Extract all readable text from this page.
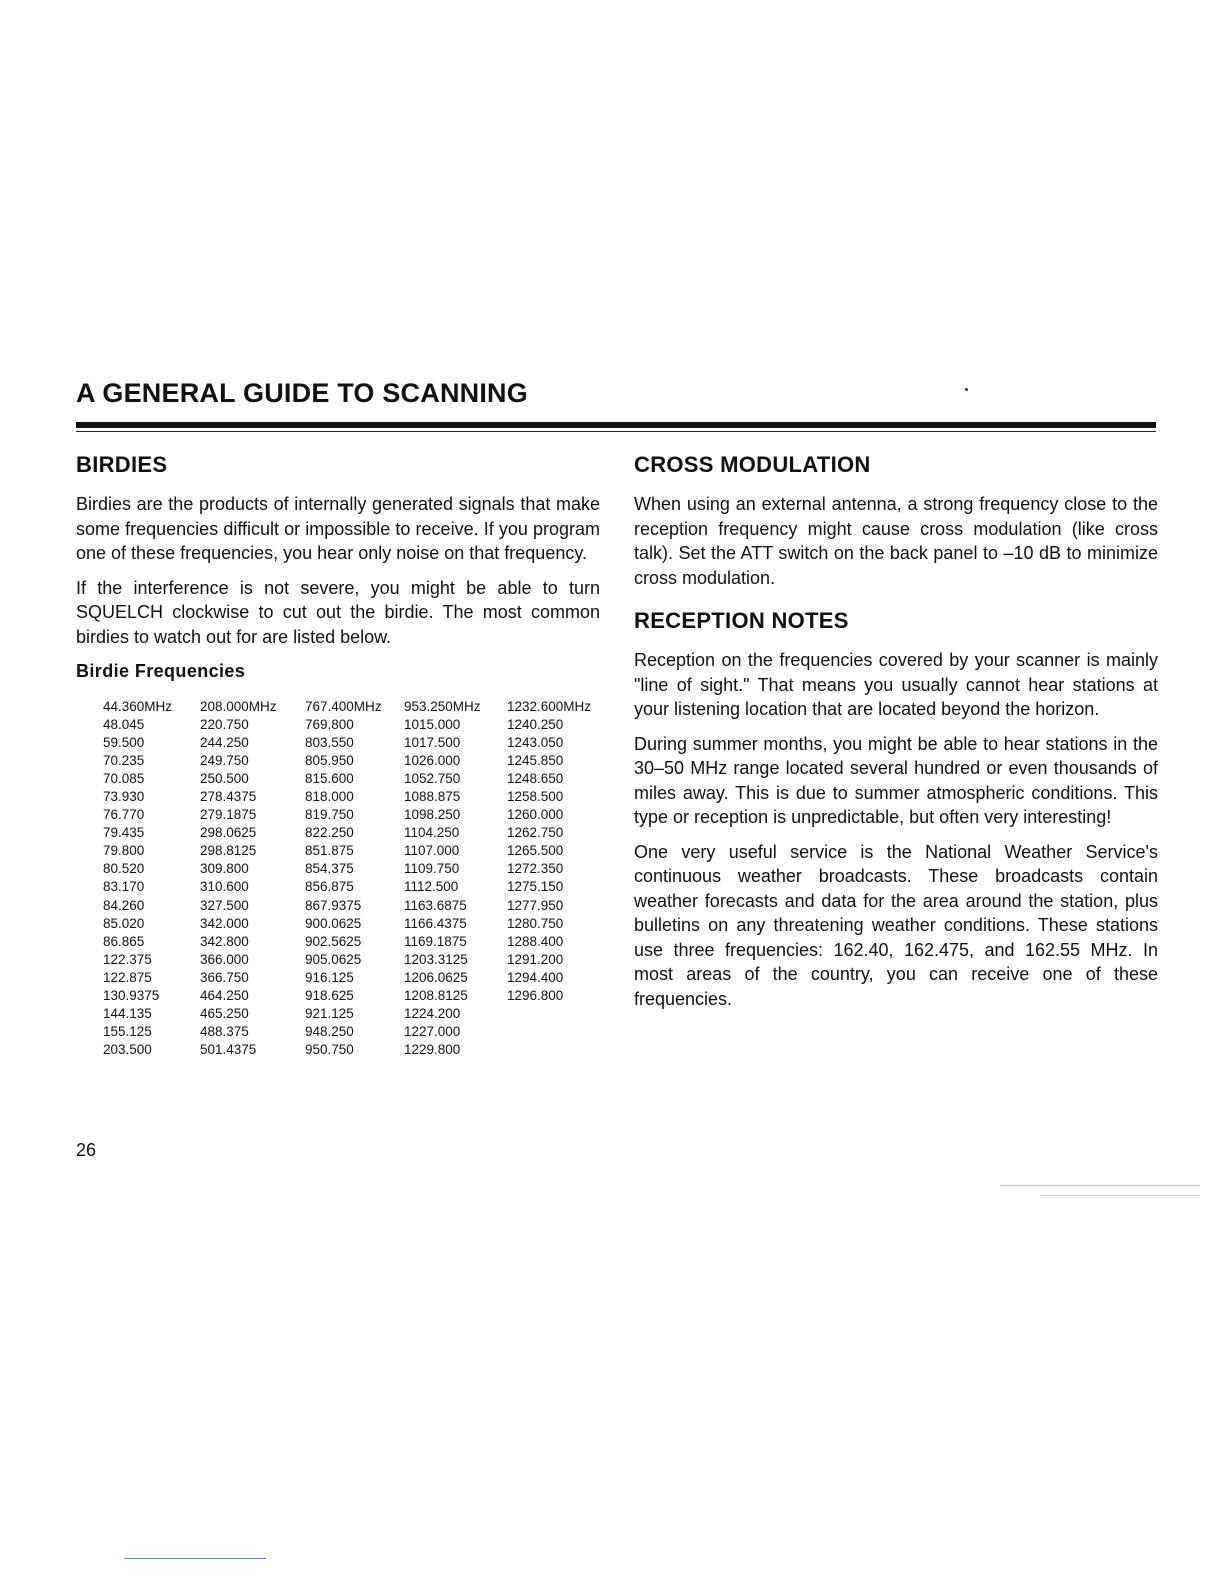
A GENERAL GUIDE TO SCANNING
BIRDIES

Birdies are the products of internally generated signals that make some frequencies difficult or impossible to receive. If you program one of these frequencies, you hear only noise on that frequency.

If the interference is not severe, you might be able to turn SQUELCH clockwise to cut out the birdie. The most common birdies to watch out for are listed below.

Birdie Frequencies
44.360MHz
48.045
59.500
70.235
70.085
73.930
76.770
79.435
79.800
80.520
83.170
84.260
85.020
86.865
122.375
122.875
130.9375
144.135
155.125
203.500
208.000MHz
220.750
244.250
249.750
250.500
278.4375
279.1875
298.0625
298.8125
309.800
310.600
327.500
342.000
342.800
366.000
366.750
464.250
465.250
488.375
501.4375
767.400MHz
769.800
803.550
805.950
815.600
818.000
819.750
822.250
851.875
854.375
856.875
867.9375
900.0625
902.5625
905.0625
916.125
918.625
921.125
948.250
950.750
953.250MHz
1015.000
1017.500
1026.000
1052.750
1088.875
1098.250
1104.250
1107.000
1109.750
1112.500
1163.6875
1166.4375
1169.1875
1203.3125
1206.0625
1208.8125
1224.200
1227.000
1229.800
1232.600MHz
1240.250
1243.050
1245.850
1248.650
1258.500
1260.000
1262.750
1265.500
1272.350
1275.150
1277.950
1280.750
1288.400
1291.200
1294.400
1296.800
CROSS MODULATION

When using an external antenna, a strong frequency close to the reception frequency might cause cross modulation (like cross talk). Set the ATT switch on the back panel to –10 dB to minimize cross modulation.

RECEPTION NOTES

Reception on the frequencies covered by your scanner is mainly "line of sight." That means you usually cannot hear stations at your listening location that are located beyond the horizon.

During summer months, you might be able to hear stations in the 30–50 MHz range located several hundred or even thousands of miles away. This is due to summer atmospheric conditions. This type or reception is unpredictable, but often very interesting!

One very useful service is the National Weather Service's continuous weather broadcasts. These broadcasts contain weather forecasts and data for the area around the station, plus bulletins on any threatening weather conditions. These stations use three frequencies: 162.40, 162.475, and 162.55 MHz. In most areas of the country, you can receive one of these frequencies.

26
